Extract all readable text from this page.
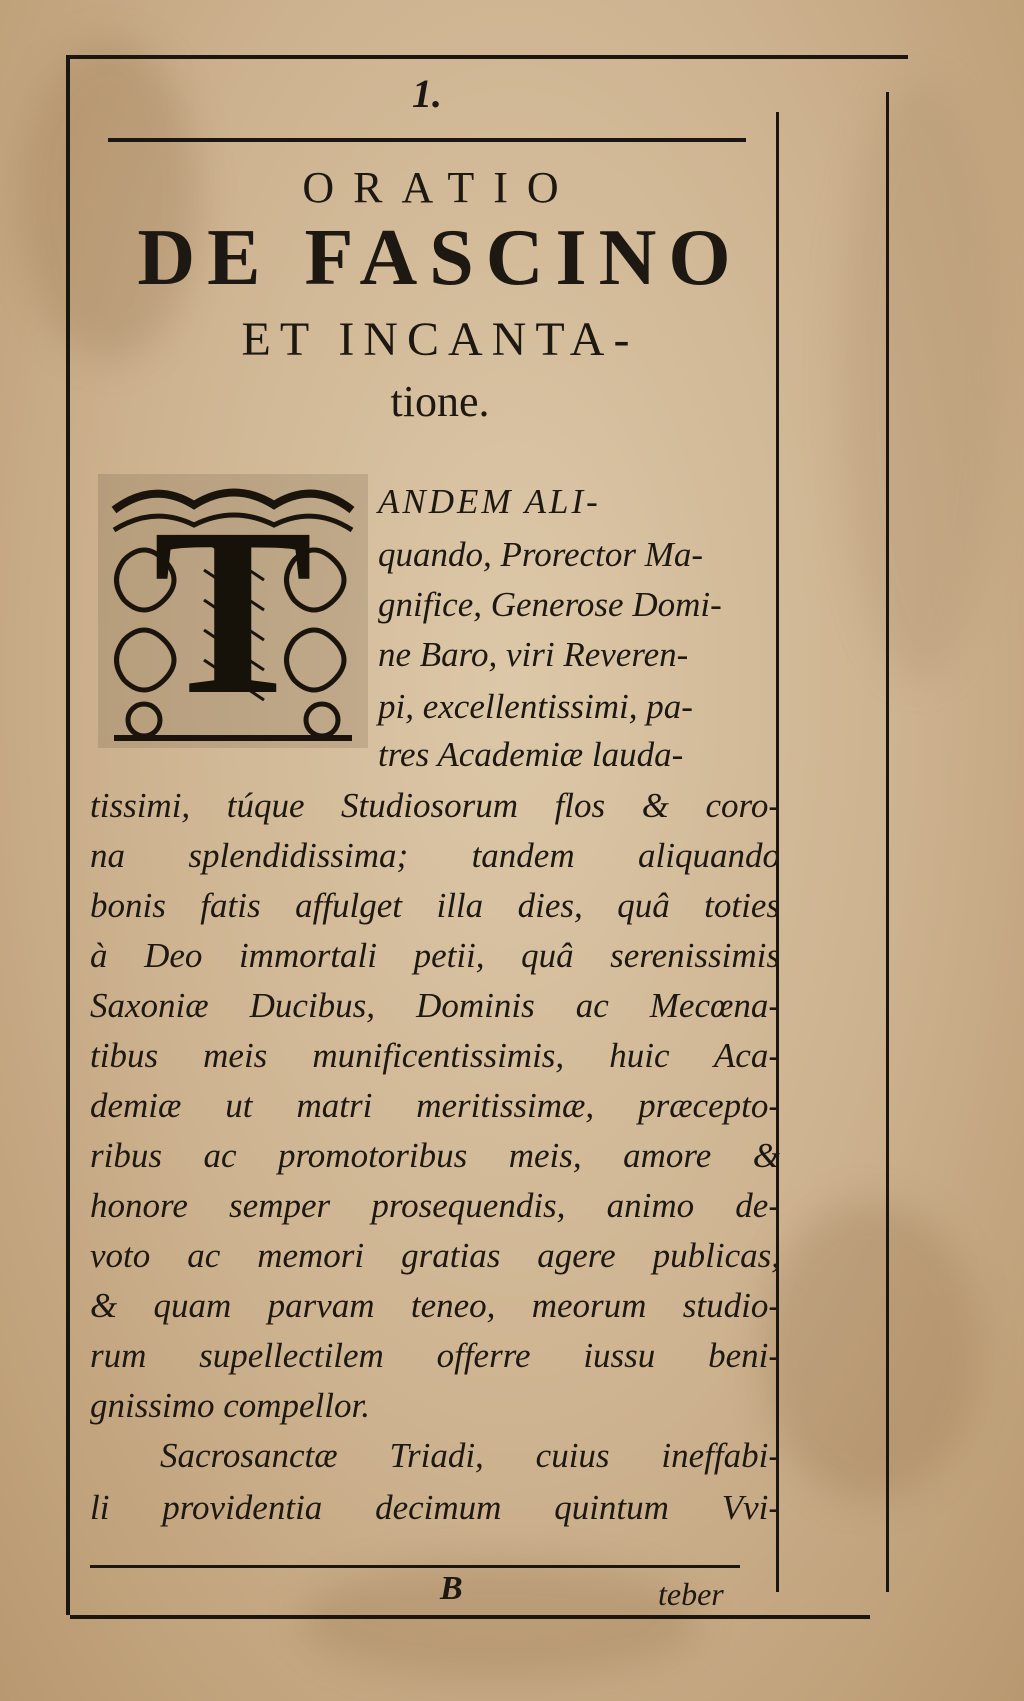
1.
ORATIO
DE FASCINO
ET INCANTA-
tione.
T	ANDEM ALI-
quando, Prorector Ma-
gnifice, Generose Domi-
ne Baro, viri Reveren-
pi, excellentissimi, pa-
tres Academiæ lauda-
tissimi, túque Studiosorum flos & coro-
na splendidissima; tandem aliquando
bonis fatis affulget illa dies, quâ toties
à Deo immortali petii, quâ serenissimis
Saxoniæ Ducibus, Dominis ac Mecœna-
tibus meis munificentissimis, huic Aca-
demiæ ut matri meritissimæ, præceptο-
ribus ac promotoribus meis, amore &
honore semper prosequendis, animo de-
voto ac memori gratias agere publicas,
& quam parvam teneo, meorum studio-
rum supellectilem offerre iussu beni-
gnissimo compellor.
Sacrosanctæ Triadi, cuius ineffabi-
li providentia decimum quintum Vvi-
B	teber
